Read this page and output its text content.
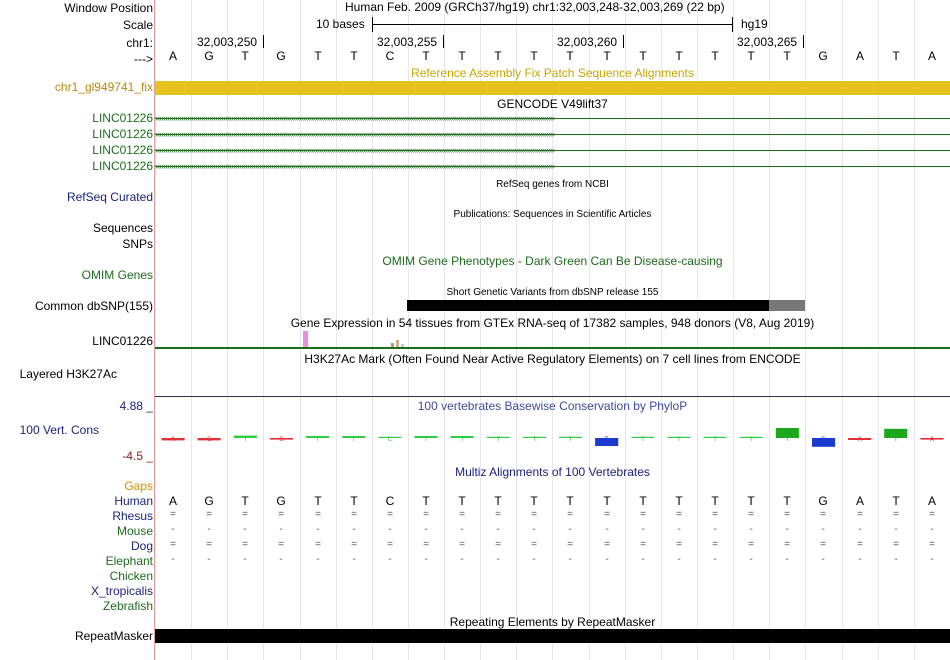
Window Position
Scale
chr1:
--->
chr1_gl949741_fix
LINC01226
LINC01226
LINC01226
LINC01226
RefSeq Curated
Sequences
SNPs
OMIM Genes
Common dbSNP(155)
LINC01226
Layered H3K27Ac
4.88 _
100 Vert. Cons
-4.5 _
Gaps
Human
Rhesus
Mouse
Dog
Elephant
Chicken
X_tropicalis
Zebrafish
RepeatMasker
Human Feb. 2009 (GRCh37/hg19) chr1:32,003,248-32,003,269 (22 bp)
10 bases	hg19
32,003,250	32,003,255	32,003,260	32,003,265
A	G	T	G	T	T	C	T	T	T	T	T	T	T	T	T	T	T	G	A	T	A
Reference Assembly Fix Patch Sequence Alignments
GENCODE V49lift37
››››››››››››››››››››››››››››››››››››››››››››››››››››››››››››››››››››››››››››››››››››››››››››››››››››››››››››››››››››››››››››››››››››››››››››››››››››››››››››››››››››››››››››››››››››››››››››››››››››››››
››››››››››››››››››››››››››››››››››››››››››››››››››››››››››››››››››››››››››››››››››››››››››››››››››››››››››››››››››››››››››››››››››››››››››››››››››››››››››››››››››››››››››››››››››››››››››››››››››››››››
››››››››››››››››››››››››››››››››››››››››››››››››››››››››››››››››››››››››››››››››››››››››››››››››››››››››››››››››››››››››››››››››››››››››››››››››››››››››››››››››››››››››››››››››››››››››››››››››››››››››
››››››››››››››››››››››››››››››››››››››››››››››››››››››››››››››››››››››››››››››››››››››››››››››››››››››››››››››››››››››››››››››››››››››››››››››››››››››››››››››››››››››››››››››››››››››››››››››››››››››››
RefSeq genes from NCBI
Publications: Sequences in Scientific Articles
OMIM Gene Phenotypes - Dark Green Can Be Disease-causing
Short Genetic Variants from dbSNP release 155
Gene Expression in 54 tissues from GTEx RNA-seq of 17382 samples, 948 donors (V8, Aug 2019)
H3K27Ac Mark (Often Found Near Active Regulatory Elements) on 7 cell lines from ENCODE
100 vertebrates Basewise Conservation by PhyloP
A	G	T	G	T	T	C	T	T	T	T	T	T	T	T	T	T	T	G	A	T	A
Multiz Alignments of 100 Vertebrates
A	G	T	G	T	T	C	T	T	T	T	T	T	T	T	T	T	T	G	A	T	A
=	=	=	=	=	=	=	=	=	=	=	=	=	=	=	=	=	=	=	=	=	=
-	-	-	-	-	-	-	-	-	-	-	-	-	-	-	-	-	-	-	-	-	-
=	=	=	=	=	=	=	=	=	=	=	=	=	=	=	=	=	=	=	=	=	=
-	-	-	-	-	-	-	-	-	-	-	-	-	-	-	-	-	-	-	-	-	-
Repeating Elements by RepeatMasker
